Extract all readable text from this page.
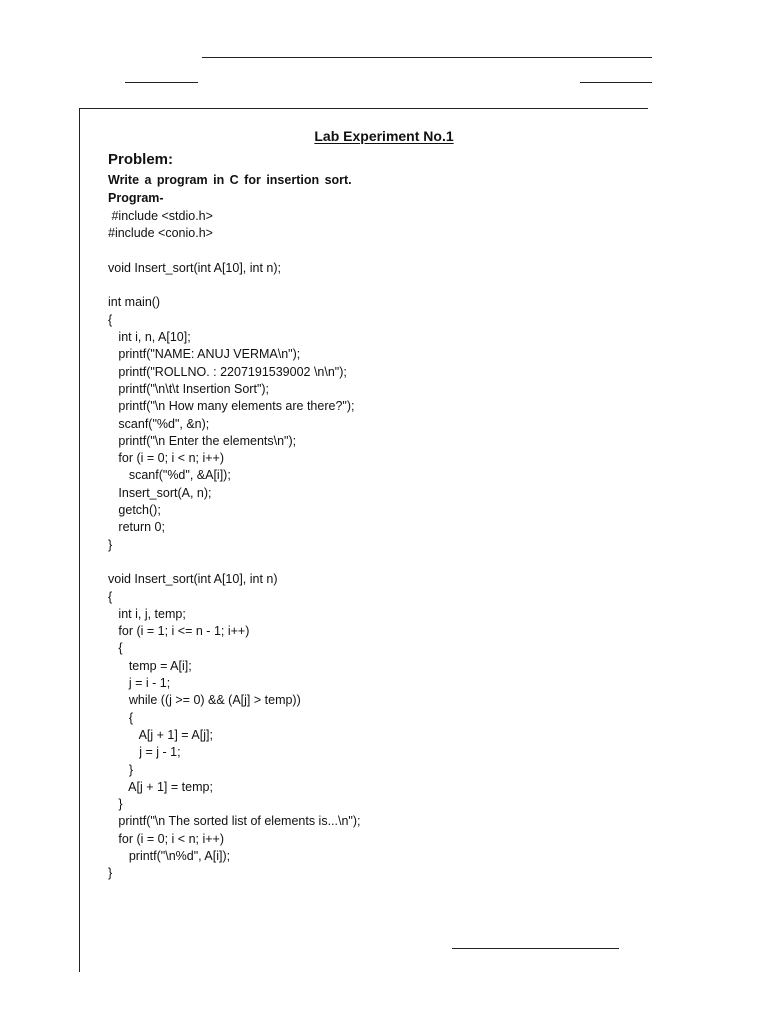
Lab Experiment No.1
Problem:
Write a program in C for insertion sort.
Program-
#include <stdio.h>
#include <conio.h>

void Insert_sort(int A[10], int n);

int main()
{
int i, n, A[10];
printf("NAME: ANUJ VERMA\n");
printf("ROLLNO. : 2207191539002 \n\n");
printf("\n\t\t Insertion Sort");
printf("\n How many elements are there?");
scanf("%d", &n);
printf("\n Enter the elements\n");
for (i = 0; i < n; i++)
scanf("%d", &A[i]);
Insert_sort(A, n);
getch();
return 0;
}

void Insert_sort(int A[10], int n)
{
int i, j, temp;
for (i = 1; i <= n - 1; i++)
{
temp = A[i];
j = i - 1;
while ((j >= 0) && (A[j] > temp))
{
A[j + 1] = A[j];
j = j - 1;
}
A[j + 1] = temp;
}
printf("\n The sorted list of elements is...\n");
for (i = 0; i < n; i++)
printf("\n%d", A[i]);
}
